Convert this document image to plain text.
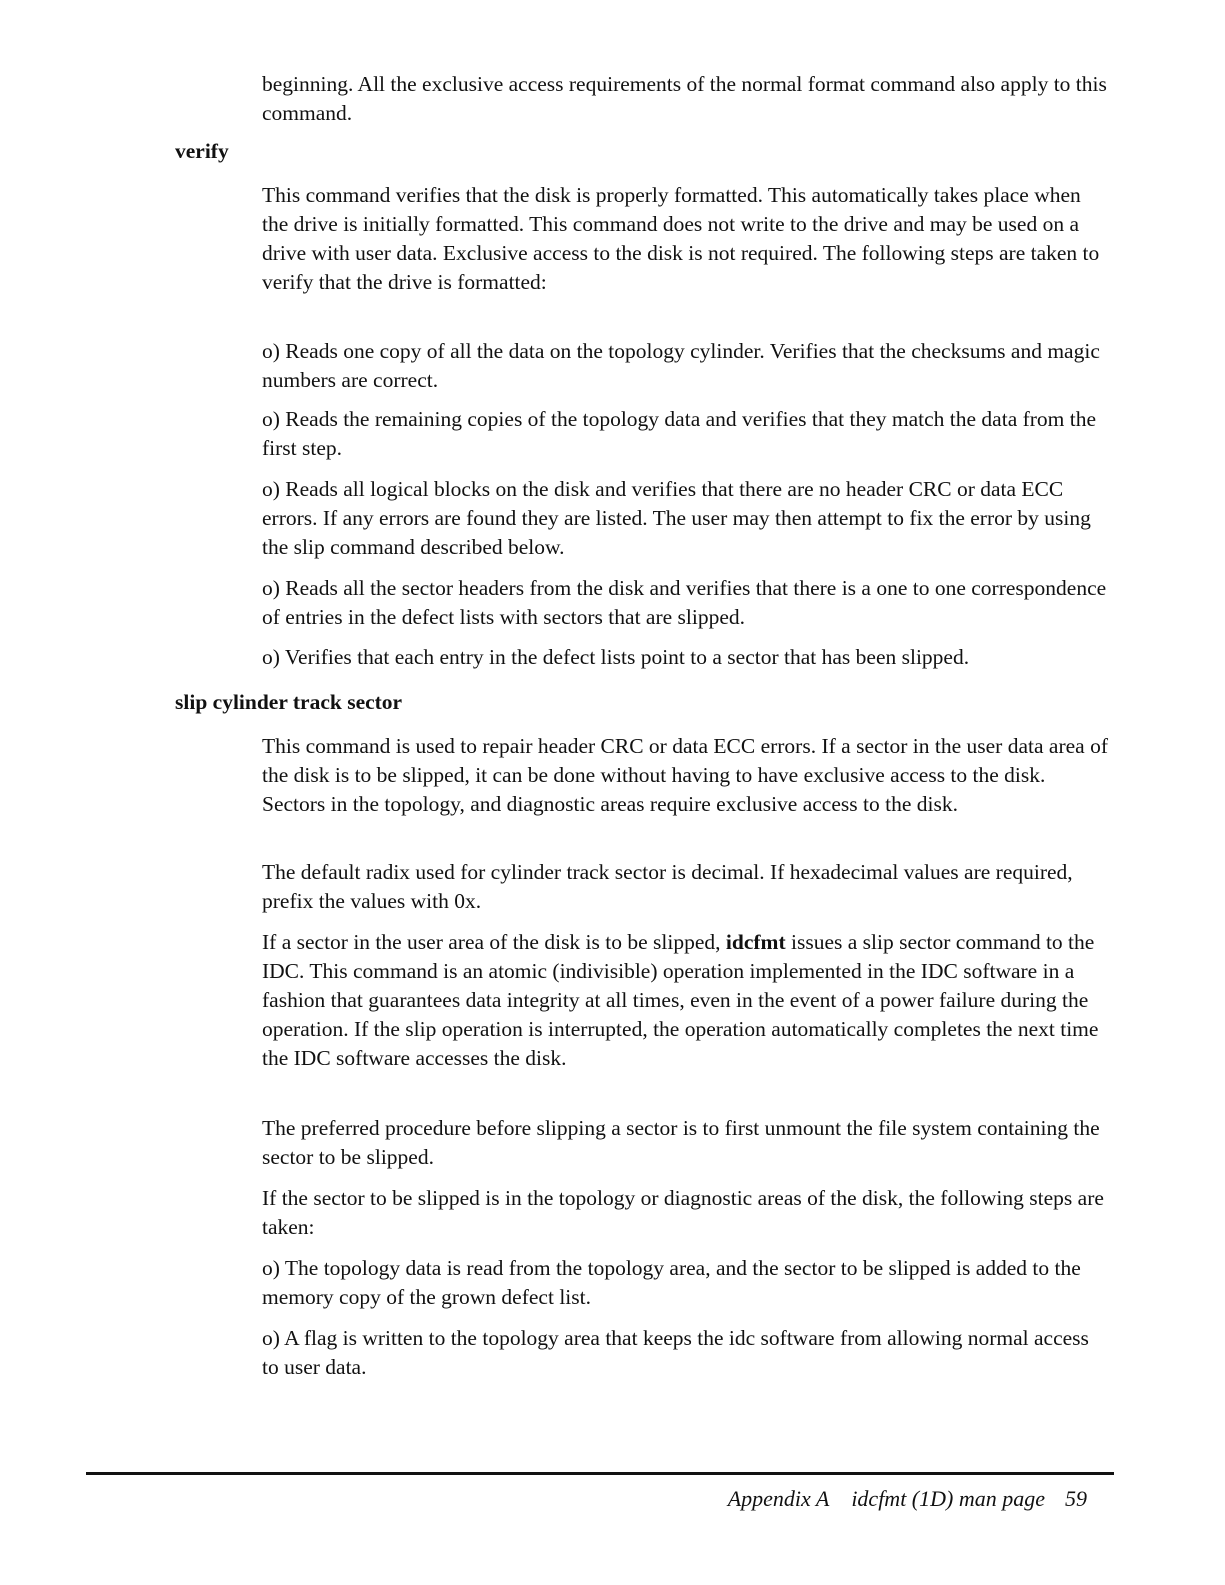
beginning. All the exclusive access requirements of the normal format command also apply to this command.

verify

This command verifies that the disk is properly formatted. This automatically takes place when the drive is initially formatted. This command does not write to the drive and may be used on a drive with user data. Exclusive access to the disk is not required. The following steps are taken to verify that the drive is formatted:

o) Reads one copy of all the data on the topology cylinder. Verifies that the checksums and magic numbers are correct.

o) Reads the remaining copies of the topology data and verifies that they match the data from the first step.

o) Reads all logical blocks on the disk and verifies that there are no header CRC or data ECC errors. If any errors are found they are listed. The user may then attempt to fix the error by using the slip command described below.

o) Reads all the sector headers from the disk and verifies that there is a one to one correspondence of entries in the defect lists with sectors that are slipped.

o) Verifies that each entry in the defect lists point to a sector that has been slipped.

slip cylinder track sector

This command is used to repair header CRC or data ECC errors. If a sector in the user data area of the disk is to be slipped, it can be done without having to have exclusive access to the disk. Sectors in the topology, and diagnostic areas require exclusive access to the disk.

The default radix used for cylinder track sector is decimal. If hexadecimal values are required, prefix the values with 0x.

If a sector in the user area of the disk is to be slipped, idcfmt issues a slip sector command to the IDC. This command is an atomic (indivisible) operation implemented in the IDC software in a fashion that guarantees data integrity at all times, even in the event of a power failure during the operation. If the slip operation is interrupted, the operation automatically completes the next time the IDC software accesses the disk.

The preferred procedure before slipping a sector is to first unmount the file system containing the sector to be slipped.

If the sector to be slipped is in the topology or diagnostic areas of the disk, the following steps are taken:

o) The topology data is read from the topology area, and the sector to be slipped is added to the memory copy of the grown defect list.

o) A flag is written to the topology area that keeps the idc software from allowing normal access to user data.

Appendix A idcfmt (1D) man page 59
